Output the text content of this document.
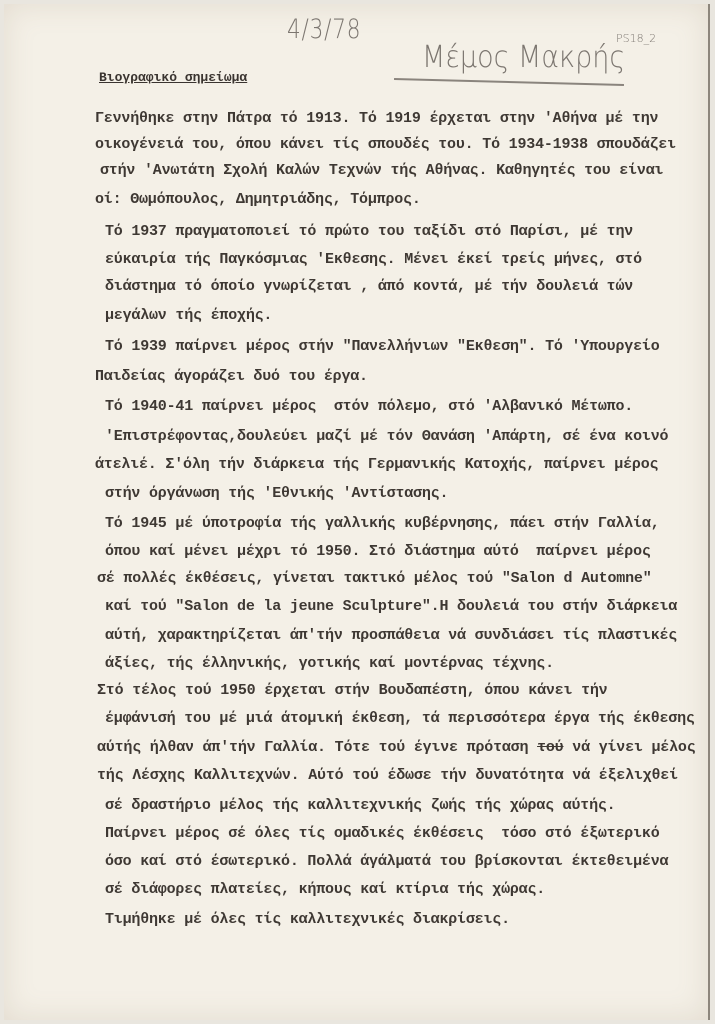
4/3/78
Μέμος Μακρής
PS18_2
Βιογραφικό σημείωμα
Γεννήθηκε στην Πάτρα τό 1913. Τό 1919 έρχεται στην 'Αθήνα μέ την
οικογένειά του, όπου κάνει τίς σπουδές του. Τό 1934-1938 σπουδάζει
στήν 'Ανωτάτη Σχολή Καλών Τεχνών τής Αθήνας. Καθηγητές του είναι
οί: Θωμόπουλος, Δημητριάδης, Τόμπρος.
Τό 1937 πραγματοποιεί τό πρώτο του ταξίδι στό Παρίσι, μέ την
εύκαιρία τής Παγκόσμιας 'Εκθεσης. Μένει έκεί τρείς μήνες, στό
διάστημα τό όποίο γνωρίζεται , άπό κοντά, μέ τήν δουλειά τών
μεγάλων τής έποχής.
Τό 1939 παίρνει μέρος στήν "Πανελλήνιων "Εκθεση". Τό 'Υπουργείο
Παιδείας άγοράζει δυό του έργα.
Τό 1940-41 παίρνει μέρος  στόν πόλεμο, στό 'Αλβανικό Μέτωπο.
'Επιστρέφοντας,δουλεύει μαζί μέ τόν Θανάση 'Απάρτη, σέ ένα κοινό
άτελιέ. Σ'όλη τήν διάρκεια τής Γερμανικής Κατοχής, παίρνει μέρος
στήν όργάνωση τής 'Εθνικής 'Αντίστασης.
Τό 1945 μέ ύποτροφία τής γαλλικής κυβέρνησης, πάει στήν Γαλλία,
όπου καί μένει μέχρι τό 1950. Στό διάστημα αύτό  παίρνει μέρος
σέ πολλές έκθέσεις, γίνεται τακτικό μέλος τού "Salon d Automne"
καί τού "Salon de la jeune Sculpture".Η δουλειά του στήν διάρκεια
αύτή, χαρακτηρίζεται άπ'τήν προσπάθεια νά συνδιάσει τίς πλαστικές
άξίες, τής έλληνικής, γοτικής καί μοντέρνας τέχνης.
Στό τέλος τού 1950 έρχεται στήν Βουδαπέστη, όπου κάνει τήν
έμφάνισή του μέ μιά άτομική έκθεση, τά περισσότερα έργα τής έκθεσης
αύτής ήλθαν άπ'τήν Γαλλία. Τότε τού έγινε πρόταση τού νά γίνει μέλος
τής Λέσχης Καλλιτεχνών. Αύτό τού έδωσε τήν δυνατότητα νά έξελιχθεί
σέ δραστήριο μέλος τής καλλιτεχνικής ζωής τής χώρας αύτής.
Παίρνει μέρος σέ όλες τίς ομαδικές έκθέσεις  τόσο στό έξωτερικό
όσο καί στό έσωτερικό. Πολλά άγάλματά του βρίσκονται έκτεθειμένα
σέ διάφορες πλατείες, κήπους καί κτίρια τής χώρας.
Τιμήθηκε μέ όλες τίς καλλιτεχνικές διακρίσεις.
